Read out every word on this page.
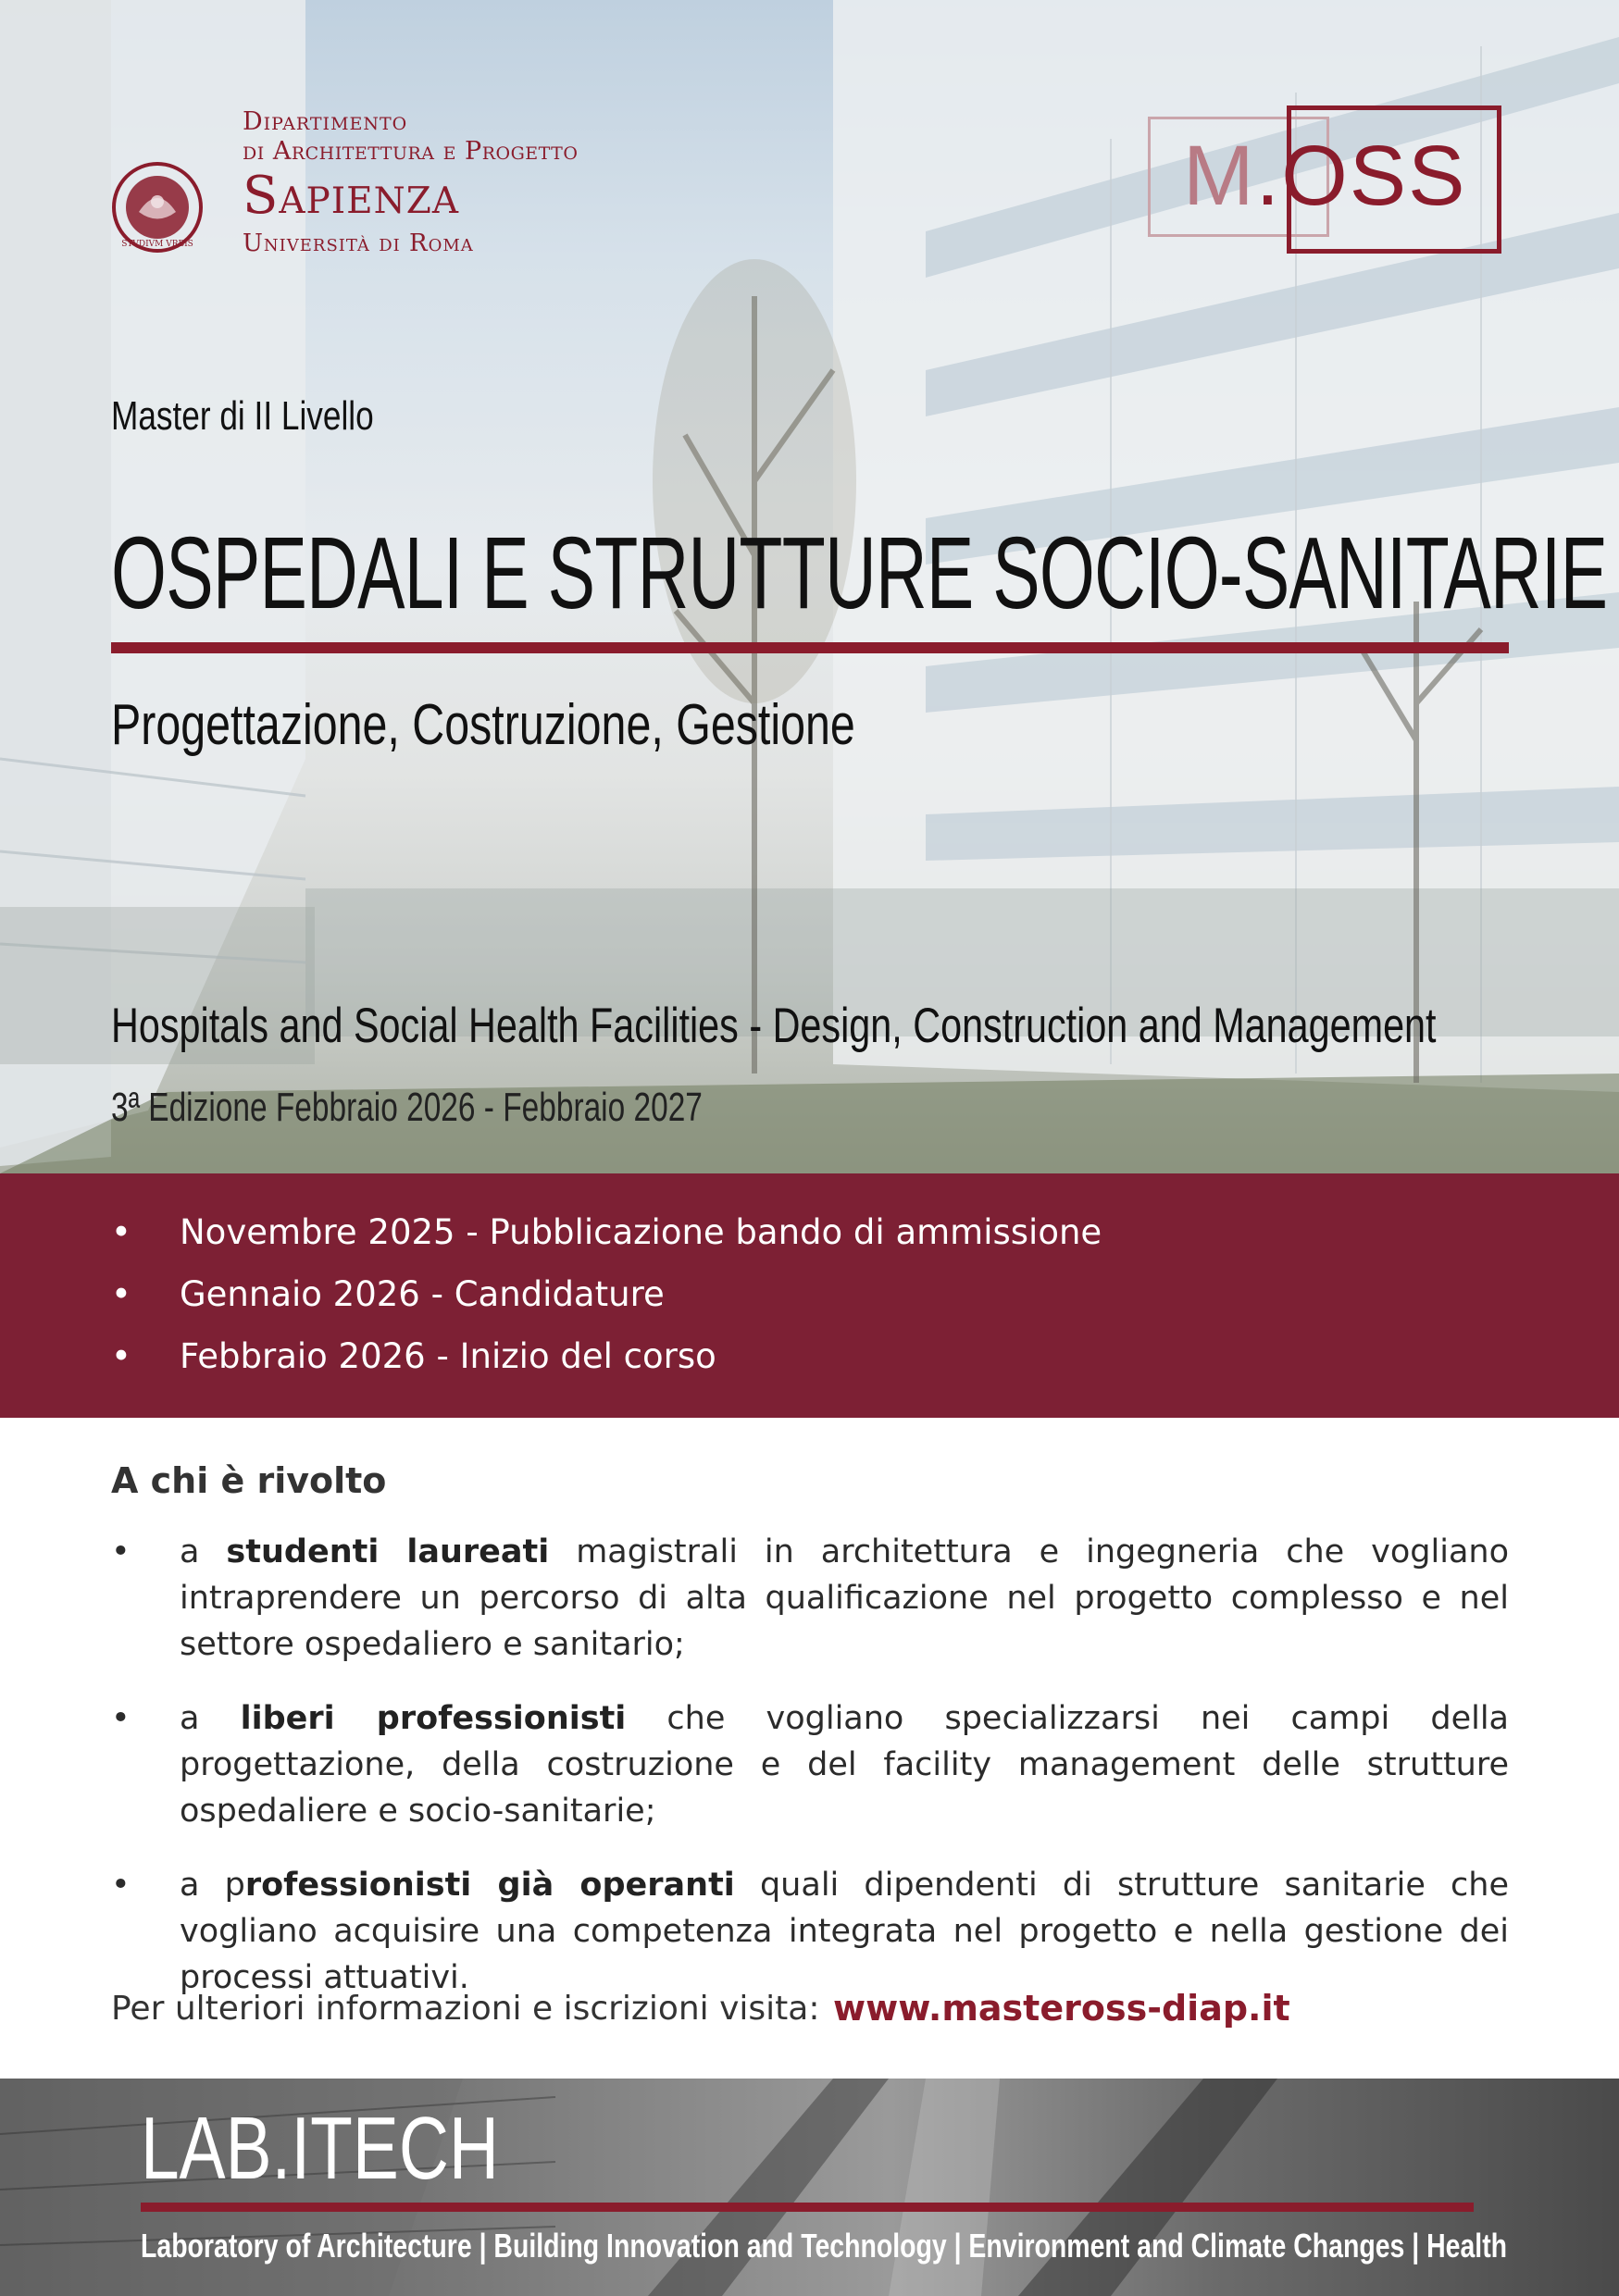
STVDIVM VRBIS
Dipartimento
di Architettura e Progetto
Sapienza
Università di Roma
M.OSS
Master di II Livello
OSPEDALI E STRUTTURE SOCIO-SANITARIE
Progettazione, Costruzione, Gestione
Hospitals and Social Health Facilities - Design, Construction and Management
3ª Edizione Febbraio 2026 - Febbraio 2027
• Novembre 2025 - Pubblicazione bando di ammissione
• Gennaio 2026 - Candidature
• Febbraio 2026 - Inizio del corso
A chi è rivolto
• a studenti laureati magistrali in architettura e ingegneria che vogliano intraprendere un percorso di alta qualificazione nel progetto complesso e nel settore ospedaliero e sanitario;
• a liberi professionisti che vogliano specializzarsi nei campi della progettazione, della costruzione e del facility management delle strutture ospedaliere e socio-sanitarie;
• a professionisti già operanti quali dipendenti di strutture sanitarie che vogliano acquisire una competenza integrata nel progetto e nella gestione dei processi attuativi.
Per ulteriori informazioni e iscrizioni visita: www.masteross-diap.it
LAB.ITECH
Laboratory of Architecture | Building Innovation and Technology | Environment and Climate Changes | Health
